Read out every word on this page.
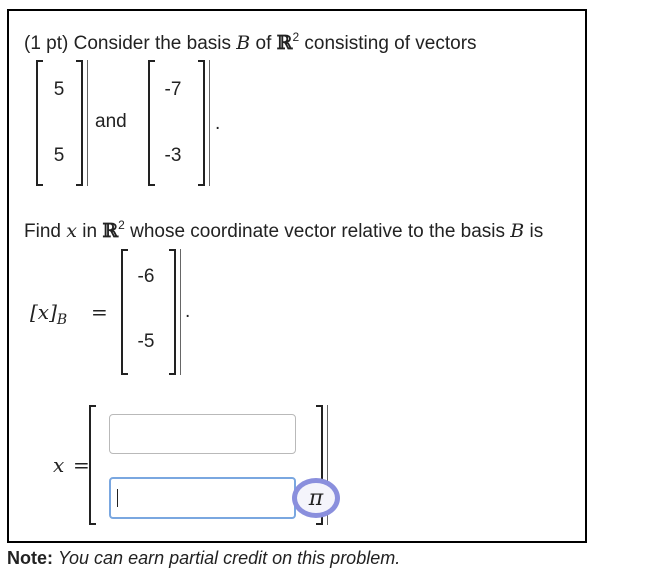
(1 pt) Consider the basis B of ℝ$^2$ consisting of vectors
5
5
and
-7
-3
.
Find x in ℝ$^2$ whose coordinate vector relative to the basis B is
$[x]_B$ =
-6
-5
.
x =
π
Note: You can earn partial credit on this problem.
